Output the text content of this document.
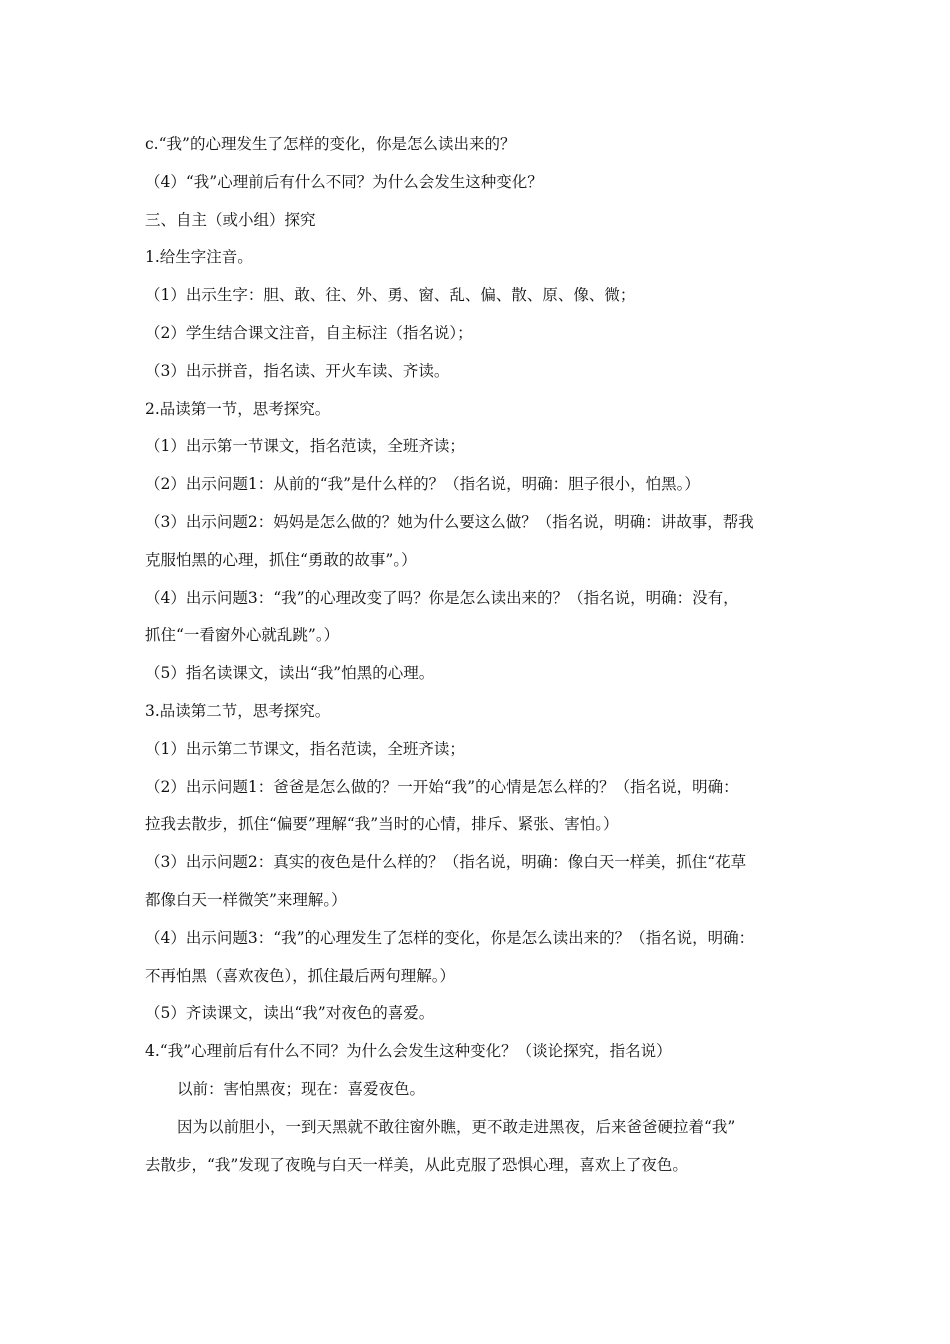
c.“我”的心理发生了怎样的变化，你是怎么读出来的？
（4）“我”心理前后有什么不同？为什么会发生这种变化？
三、自主（或小组）探究
1.给生字注音。
（1）出示生字：胆、敢、往、外、勇、窗、乱、偏、散、原、像、微；
（2）学生结合课文注音，自主标注（指名说）；
（3）出示拼音，指名读、开火车读、齐读。
2.品读第一节，思考探究。
（1）出示第一节课文，指名范读，全班齐读；
（2）出示问题1：从前的“我”是什么样的？（指名说，明确：胆子很小，怕黑。）
（3）出示问题2：妈妈是怎么做的？她为什么要这么做？（指名说，明确：讲故事，帮我
克服怕黑的心理，抓住“勇敢的故事”。）
（4）出示问题3：“我”的心理改变了吗？你是怎么读出来的？（指名说，明确：没有，
抓住“一看窗外心就乱跳”。）
（5）指名读课文，读出“我”怕黑的心理。
3.品读第二节，思考探究。
（1）出示第二节课文，指名范读，全班齐读；
（2）出示问题1：爸爸是怎么做的？一开始“我”的心情是怎么样的？（指名说，明确：
拉我去散步，抓住“偏要”理解“我”当时的心情，排斥、紧张、害怕。）
（3）出示问题2：真实的夜色是什么样的？（指名说，明确：像白天一样美，抓住“花草
都像白天一样微笑”来理解。）
（4）出示问题3：“我”的心理发生了怎样的变化，你是怎么读出来的？（指名说，明确：
不再怕黑（喜欢夜色），抓住最后两句理解。）
（5）齐读课文，读出“我”对夜色的喜爱。
4.“我”心理前后有什么不同？为什么会发生这种变化？（谈论探究，指名说）
以前：害怕黑夜；现在：喜爱夜色。
因为以前胆小，一到天黑就不敢往窗外瞧，更不敢走进黑夜，后来爸爸硬拉着“我”
去散步，“我”发现了夜晚与白天一样美，从此克服了恐惧心理，喜欢上了夜色。
